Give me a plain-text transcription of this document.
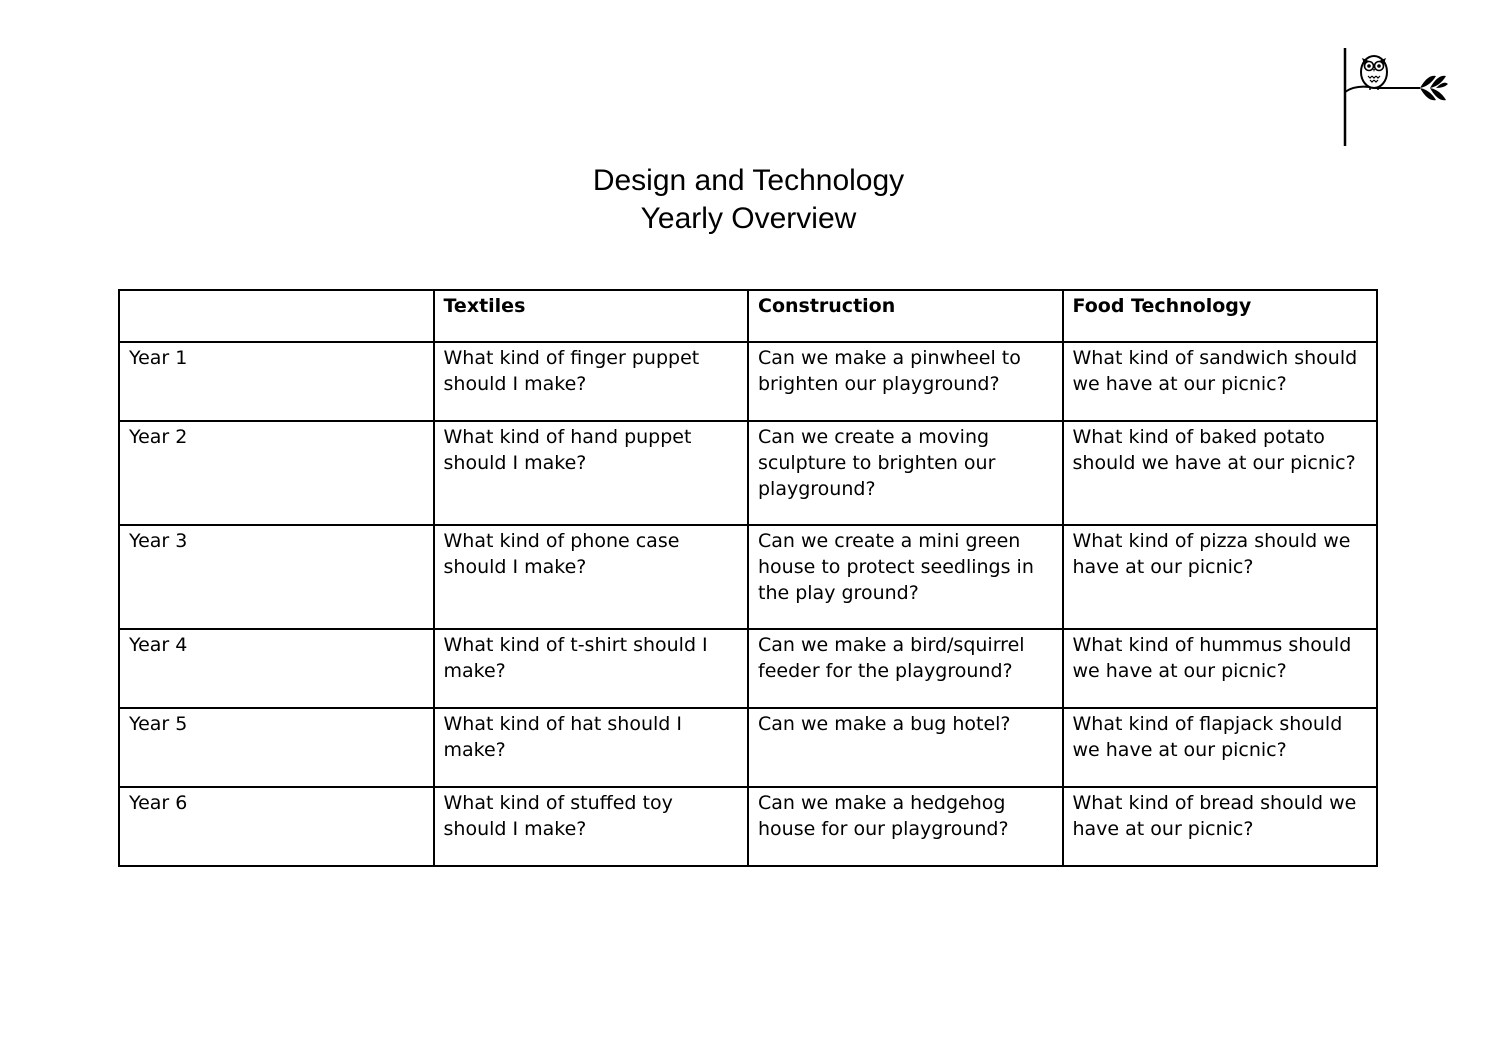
Design and Technology
Yearly Overview
	Textiles	Construction	Food Technology
Year 1	What kind of finger puppet should I make?	Can we make a pinwheel to brighten our playground?	What kind of sandwich should we have at our picnic?
Year 2	What kind of hand puppet should I make?	Can we create a moving sculpture to brighten our playground?	What kind of baked potato should we have at our picnic?
Year 3	What kind of phone case should I make?	Can we create a mini green house to protect seedlings in the play ground?	What kind of pizza should we have at our picnic?
Year 4	What kind of t-shirt should I make?	Can we make a bird/squirrel feeder for the playground?	What kind of hummus should we have at our picnic?
Year 5	What kind of hat should I make?	Can we make a bug hotel?	What kind of flapjack should we have at our picnic?
Year 6	What kind of stuffed toy should I make?	Can we make a hedgehog house for our playground?	What kind of bread should we have at our picnic?
